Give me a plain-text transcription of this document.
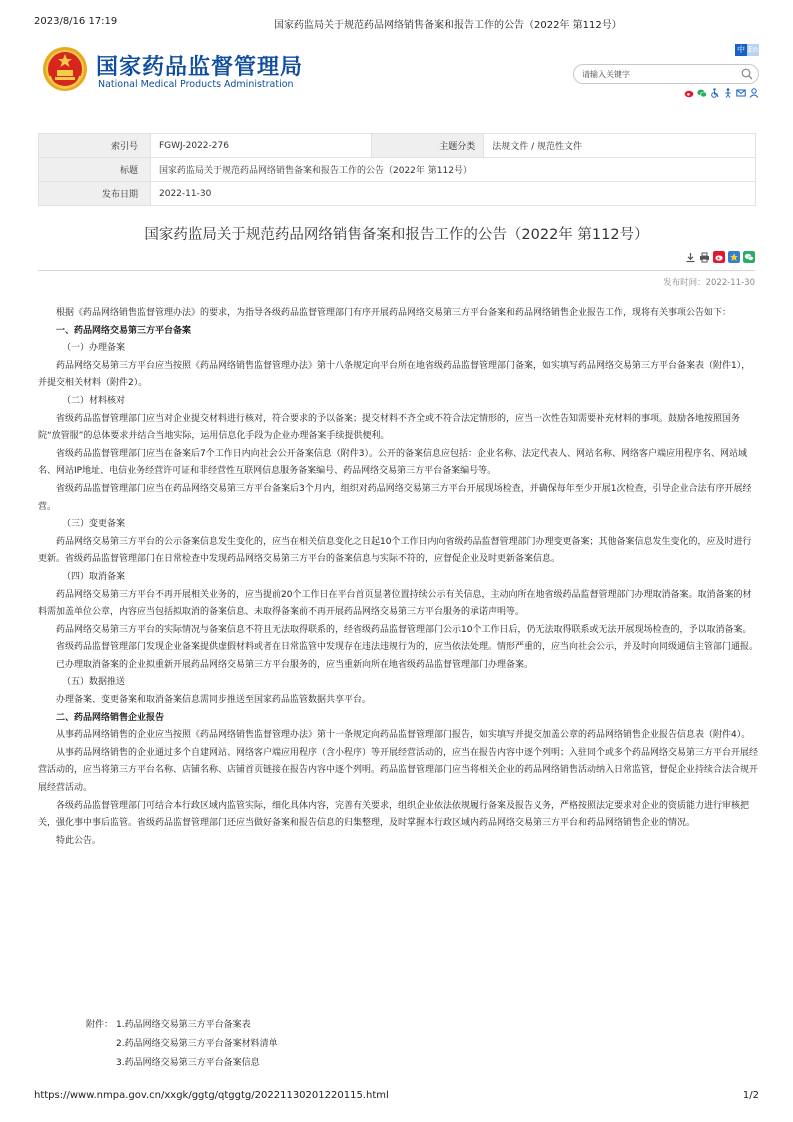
2023/8/16 17:19	国家药监局关于规范药品网络销售备案和报告工作的公告（2022年 第112号）
国家药品监督管理局
National Medical Products Administration
中 En
请输入关键字
索引号	FGWJ-2022-276	主题分类	法规文件 / 规范性文件
标题	国家药监局关于规范药品网络销售备案和报告工作的公告（2022年 第112号）		
发布日期	2022-11-30		
国家药监局关于规范药品网络销售备案和报告工作的公告（2022年 第112号）
发布时间：2022-11-30

根据《药品网络销售监督管理办法》的要求，为指导各级药品监督管理部门有序开展药品网络交易第三方平台备案和药品网络销售企业报告工作，现将有关事项公告如下：

一、药品网络交易第三方平台备案

（一）办理备案

药品网络交易第三方平台应当按照《药品网络销售监督管理办法》第十八条规定向平台所在地省级药品监督管理部门备案，如实填写药品网络交易第三方平台备案表（附件1），并提交相关材料（附件2）。

（二）材料核对

省级药品监督管理部门应当对企业提交材料进行核对，符合要求的予以备案；提交材料不齐全或不符合法定情形的，应当一次性告知需要补充材料的事项。鼓励各地按照国务院“放管服”的总体要求并结合当地实际，运用信息化手段为企业办理备案手续提供便利。

省级药品监督管理部门应当在备案后7个工作日内向社会公开备案信息（附件3）。公开的备案信息应包括：企业名称、法定代表人、网站名称、网络客户端应用程序名、网站域名、网站IP地址、电信业务经营许可证和非经营性互联网信息服务备案编号、药品网络交易第三方平台备案编号等。

省级药品监督管理部门应当在药品网络交易第三方平台备案后3个月内，组织对药品网络交易第三方平台开展现场检查，并确保每年至少开展1次检查，引导企业合法有序开展经营。

（三）变更备案

药品网络交易第三方平台的公示备案信息发生变化的，应当在相关信息变化之日起10个工作日内向省级药品监督管理部门办理变更备案；其他备案信息发生变化的，应及时进行更新。省级药品监督管理部门在日常检查中发现药品网络交易第三方平台的备案信息与实际不符的，应督促企业及时更新备案信息。

（四）取消备案

药品网络交易第三方平台不再开展相关业务的，应当提前20个工作日在平台首页显著位置持续公示有关信息，主动向所在地省级药品监督管理部门办理取消备案。取消备案的材料需加盖单位公章，内容应当包括拟取消的备案信息、未取得备案前不再开展药品网络交易第三方平台服务的承诺声明等。

药品网络交易第三方平台的实际情况与备案信息不符且无法取得联系的，经省级药品监督管理部门公示10个工作日后，仍无法取得联系或无法开展现场检查的，予以取消备案。

省级药品监督管理部门发现企业备案提供虚假材料或者在日常监管中发现存在违法违规行为的，应当依法处理。情形严重的，应当向社会公示，并及时向同级通信主管部门通报。

已办理取消备案的企业拟重新开展药品网络交易第三方平台服务的，应当重新向所在地省级药品监督管理部门办理备案。

（五）数据推送

办理备案、变更备案和取消备案信息需同步推送至国家药品监管数据共享平台。

二、药品网络销售企业报告

从事药品网络销售的企业应当按照《药品网络销售监督管理办法》第十一条规定向药品监督管理部门报告，如实填写并提交加盖公章的药品网络销售企业报告信息表（附件4）。

从事药品网络销售的企业通过多个自建网站、网络客户端应用程序（含小程序）等开展经营活动的，应当在报告内容中逐个列明；入驻同个或多个药品网络交易第三方平台开展经营活动的，应当将第三方平台名称、店铺名称、店铺首页链接在报告内容中逐个列明。药品监督管理部门应当将相关企业的药品网络销售活动纳入日常监管，督促企业持续合法合规开展经营活动。

各级药品监督管理部门可结合本行政区域内监管实际，细化具体内容，完善有关要求，组织企业依法依规履行备案及报告义务，严格按照法定要求对企业的资质能力进行审核把关，强化事中事后监管。省级药品监督管理部门还应当做好备案和报告信息的归集整理，及时掌握本行政区域内药品网络交易第三方平台和药品网络销售企业的情况。

特此公告。

附件： 1.药品网络交易第三方平台备案表
2.药品网络交易第三方平台备案材料清单
3.药品网络交易第三方平台备案信息
https://www.nmpa.gov.cn/xxgk/ggtg/qtggtg/20221130201220115.html	1/2
